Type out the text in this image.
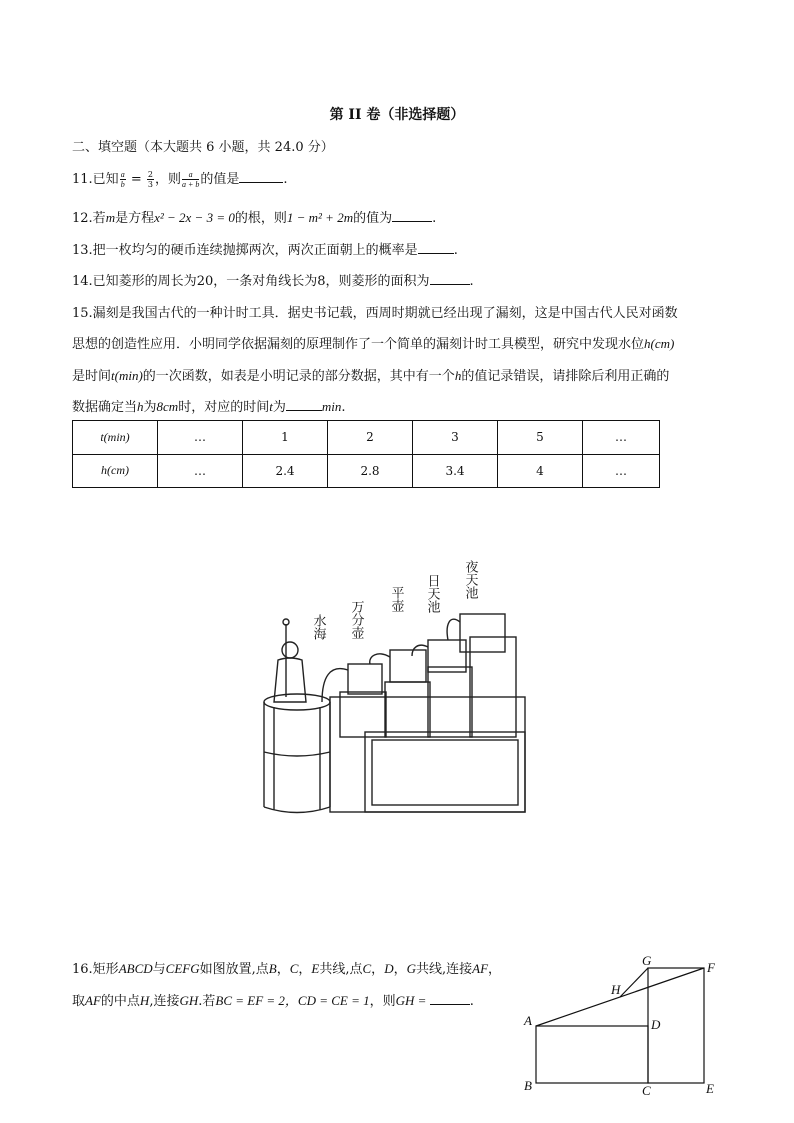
第 II 卷（非选择题）
二、填空题（本大题共 6 小题，共 24.0 分）
11.已知 $\frac{a}{b} = \frac{2}{3}$ ，则 $\frac{a}{a + b}$ 的值是	.
12.若m是方程x² − 2x − 3 = 0的根，则1 − m² + 2m的值为	.
13.把一枚均匀的硬币连续抛掷两次，两次正面朝上的概率是	.
14.已知菱形的周长为20，一条对角线长为8，则菱形的面积为	.
15.漏刻是我国古代的一种计时工具．据史书记载，西周时期就已经出现了漏刻，这是中国古代人民对函数
思想的创造性应用．小明同学依据漏刻的原理制作了一个简单的漏刻计时工具模型，研究中发现水位h(cm)
是时间t(min)的一次函数，如表是小明记录的部分数据，其中有一个h的值记录错误，请排除后利用正确的
数据确定当h为8cm时，对应的时间t为	min.
t(min)	…	1	2	3	5	…
h(cm)	…	2.4	2.8	3.4	4	…
夜天池
日天池
平壶
万分壶
水海
16.矩形ABCD与CEFG如图放置,点B，C，E共线,点C，D，G共线,连接AF，
取AF的中点H,连接GH.若BC = EF = 2，CD = CE = 1，则GH =	.
G	F
H
A	D
B	C	E
